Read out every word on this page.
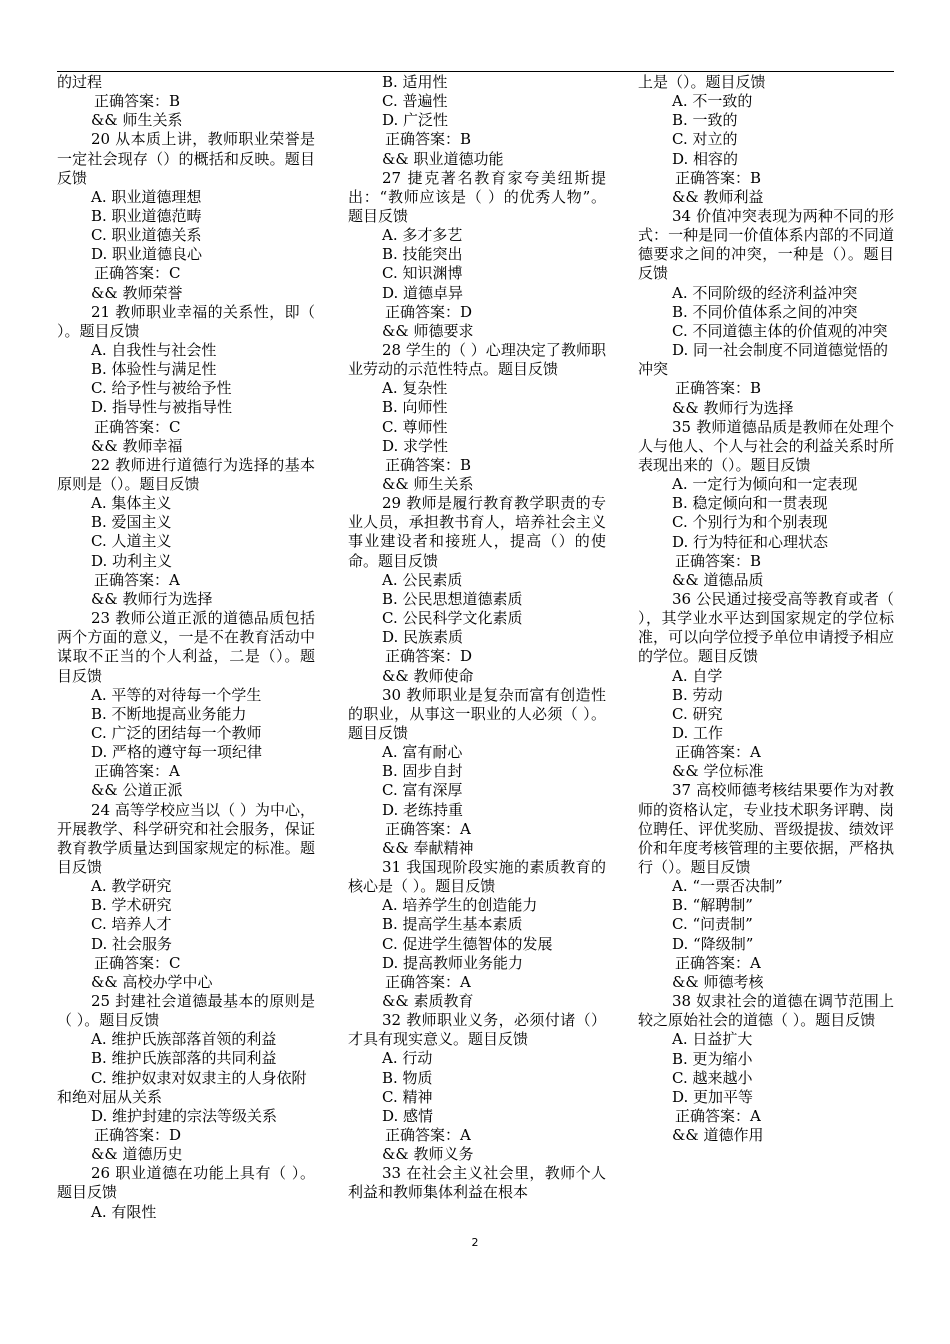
的过程
正确答案：B
&& 师生关系
20 从本质上讲，教师职业荣誉是一定社会现存（）的概括和反映。题目反馈
A. 职业道德理想
B. 职业道德范畴
C. 职业道德关系
D. 职业道德良心
正确答案：C
&& 教师荣誉
21 教师职业幸福的关系性，即（ ）。题目反馈
A. 自我性与社会性
B. 体验性与满足性
C. 给予性与被给予性
D. 指导性与被指导性
正确答案：C
&& 教师幸福
22 教师进行道德行为选择的基本原则是（）。题目反馈
A. 集体主义
B. 爱国主义
C. 人道主义
D. 功利主义
正确答案：A
&& 教师行为选择
23 教师公道正派的道德品质包括两个方面的意义，一是不在教育活动中谋取不正当的个人利益，二是（）。题目反馈
A. 平等的对待每一个学生
B. 不断地提高业务能力
C. 广泛的团结每一个教师
D. 严格的遵守每一项纪律
正确答案：A
&& 公道正派
24 高等学校应当以（ ）为中心，开展教学、科学研究和社会服务，保证教育教学质量达到国家规定的标准。题目反馈
A. 教学研究
B. 学术研究
C. 培养人才
D. 社会服务
正确答案：C
&& 高校办学中心
25 封建社会道德最基本的原则是（ ）。题目反馈
A. 维护氏族部落首领的利益
B. 维护氏族部落的共同利益
C. 维护奴隶对奴隶主的人身依附和绝对屈从关系
D. 维护封建的宗法等级关系
正确答案：D
&& 道德历史
26 职业道德在功能上具有（ ）。题目反馈
A. 有限性
B. 适用性
C. 普遍性
D. 广泛性
正确答案：B
&& 职业道德功能
27 捷克著名教育家夸美纽斯提出：“教师应该是（ ）的优秀人物”。题目反馈
A. 多才多艺
B. 技能突出
C. 知识渊博
D. 道德卓异
正确答案：D
&& 师德要求
28 学生的（ ）心理决定了教师职业劳动的示范性特点。题目反馈
A. 复杂性
B. 向师性
C. 尊师性
D. 求学性
正确答案：B
&& 师生关系
29 教师是履行教育教学职责的专业人员，承担教书育人，培养社会主义事业建设者和接班人，提高（）的使命。题目反馈
A. 公民素质
B. 公民思想道德素质
C. 公民科学文化素质
D. 民族素质
正确答案：D
&& 教师使命
30 教师职业是复杂而富有创造性的职业，从事这一职业的人必须（ ）。题目反馈
A. 富有耐心
B. 固步自封
C. 富有深厚
D. 老练持重
正确答案：A
&& 奉献精神
31 我国现阶段实施的素质教育的核心是（ ）。题目反馈
A. 培养学生的创造能力
B. 提高学生基本素质
C. 促进学生德智体的发展
D. 提高教师业务能力
正确答案：A
&& 素质教育
32 教师职业义务，必须付诸（）才具有现实意义。题目反馈
A. 行动
B. 物质
C. 精神
D. 感情
正确答案：A
&& 教师义务
33 在社会主义社会里，教师个人利益和教师集体利益在根本
上是（）。题目反馈
A. 不一致的
B. 一致的
C. 对立的
D. 相容的
正确答案：B
&& 教师利益
34 价值冲突表现为两种不同的形式：一种是同一价值体系内部的不同道德要求之间的冲突，一种是（）。题目反馈
A. 不同阶级的经济利益冲突
B. 不同价值体系之间的冲突
C. 不同道德主体的价值观的冲突
D. 同一社会制度不同道德觉悟的冲突
正确答案：B
&& 教师行为选择
35 教师道德品质是教师在处理个人与他人、个人与社会的利益关系时所表现出来的（）。题目反馈
A. 一定行为倾向和一定表现
B. 稳定倾向和一贯表现
C. 个别行为和个别表现
D. 行为特征和心理状态
正确答案：B
&& 道德品质
36 公民通过接受高等教育或者（ ），其学业水平达到国家规定的学位标准，可以向学位授予单位申请授予相应的学位。题目反馈
A. 自学
B. 劳动
C. 研究
D. 工作
正确答案：A
&& 学位标准
37 高校师德考核结果要作为对教师的资格认定，专业技术职务评聘、岗位聘任、评优奖励、晋级提拔、绩效评价和年度考核管理的主要依据，严格执行（）。题目反馈
A. “一票否决制”
B. “解聘制”
C. “问责制”
D. “降级制”
正确答案：A
&& 师德考核
38 奴隶社会的道德在调节范围上较之原始社会的道德（ ）。题目反馈
A. 日益扩大
B. 更为缩小
C. 越来越小
D. 更加平等
正确答案：A
&& 道德作用
2
